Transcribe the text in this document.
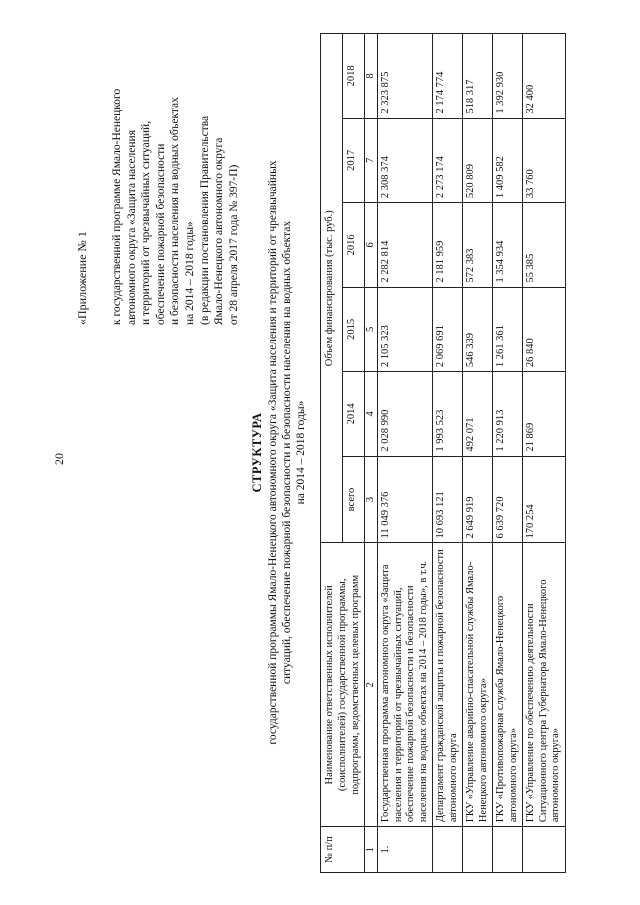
20
«Приложение № 1 к государственной программе Ямало-Ненецкого автономного округа «Защита населения и территорий от чрезвычайных ситуаций, обеспечение пожарной безопасности и безопасности населения на водных объектах на 2014 – 2018 годы» (в редакции постановления Правительства Ямало-Ненецкого автономного округа от 28 апреля 2017 года № 397-П)
СТРУКТУРА государственной программы Ямало-Ненецкого автономного округа «Защита населения и территорий от чрезвычайных ситуаций, обеспечение пожарной безопасности и безопасности населения на водных объектах на 2014 – 2018 годы»
№ п/п	Наименование ответственных исполнителей (соисполнителей) государственной программы, подпрограмм, ведомственных целевых программ	Объем финансирования (тыс. руб.)					
		всего	2014	2015	2016	2017	2018
1	2	3	4	5	6	7	8
1.	Государственная программа автономного округа «Защита населения и территорий от чрезвычайных ситуаций, обеспечение пожарной безопасности и безопасности населения на водных объектах на 2014 – 2018 годы», в т.ч.	11 049 376	2 028 990	2 105 323	2 282 814	2 308 374	2 323 875
	Департамент гражданской защиты и пожарной безопасности автономного округа	10 693 121	1 993 523	2 069 691	2 181 959	2 273 174	2 174 774
	ГКУ «Управление аварийно-спасательной службы Ямало-Ненецкого автономного округа»	2 649 919	492 071	546 339	572 383	520 809	518 317
	ГКУ «Противопожарная служба Ямало-Ненецкого автономного округа»	6 639 720	1 220 913	1 261 361	1 354 934	1 409 582	1 392 930
	ГКУ «Управление по обеспечению деятельности Ситуационного центра Губернатора Ямало-Ненецкого автономного округа»	170 254	21 869	26 840	55 385	33 760	32 400
